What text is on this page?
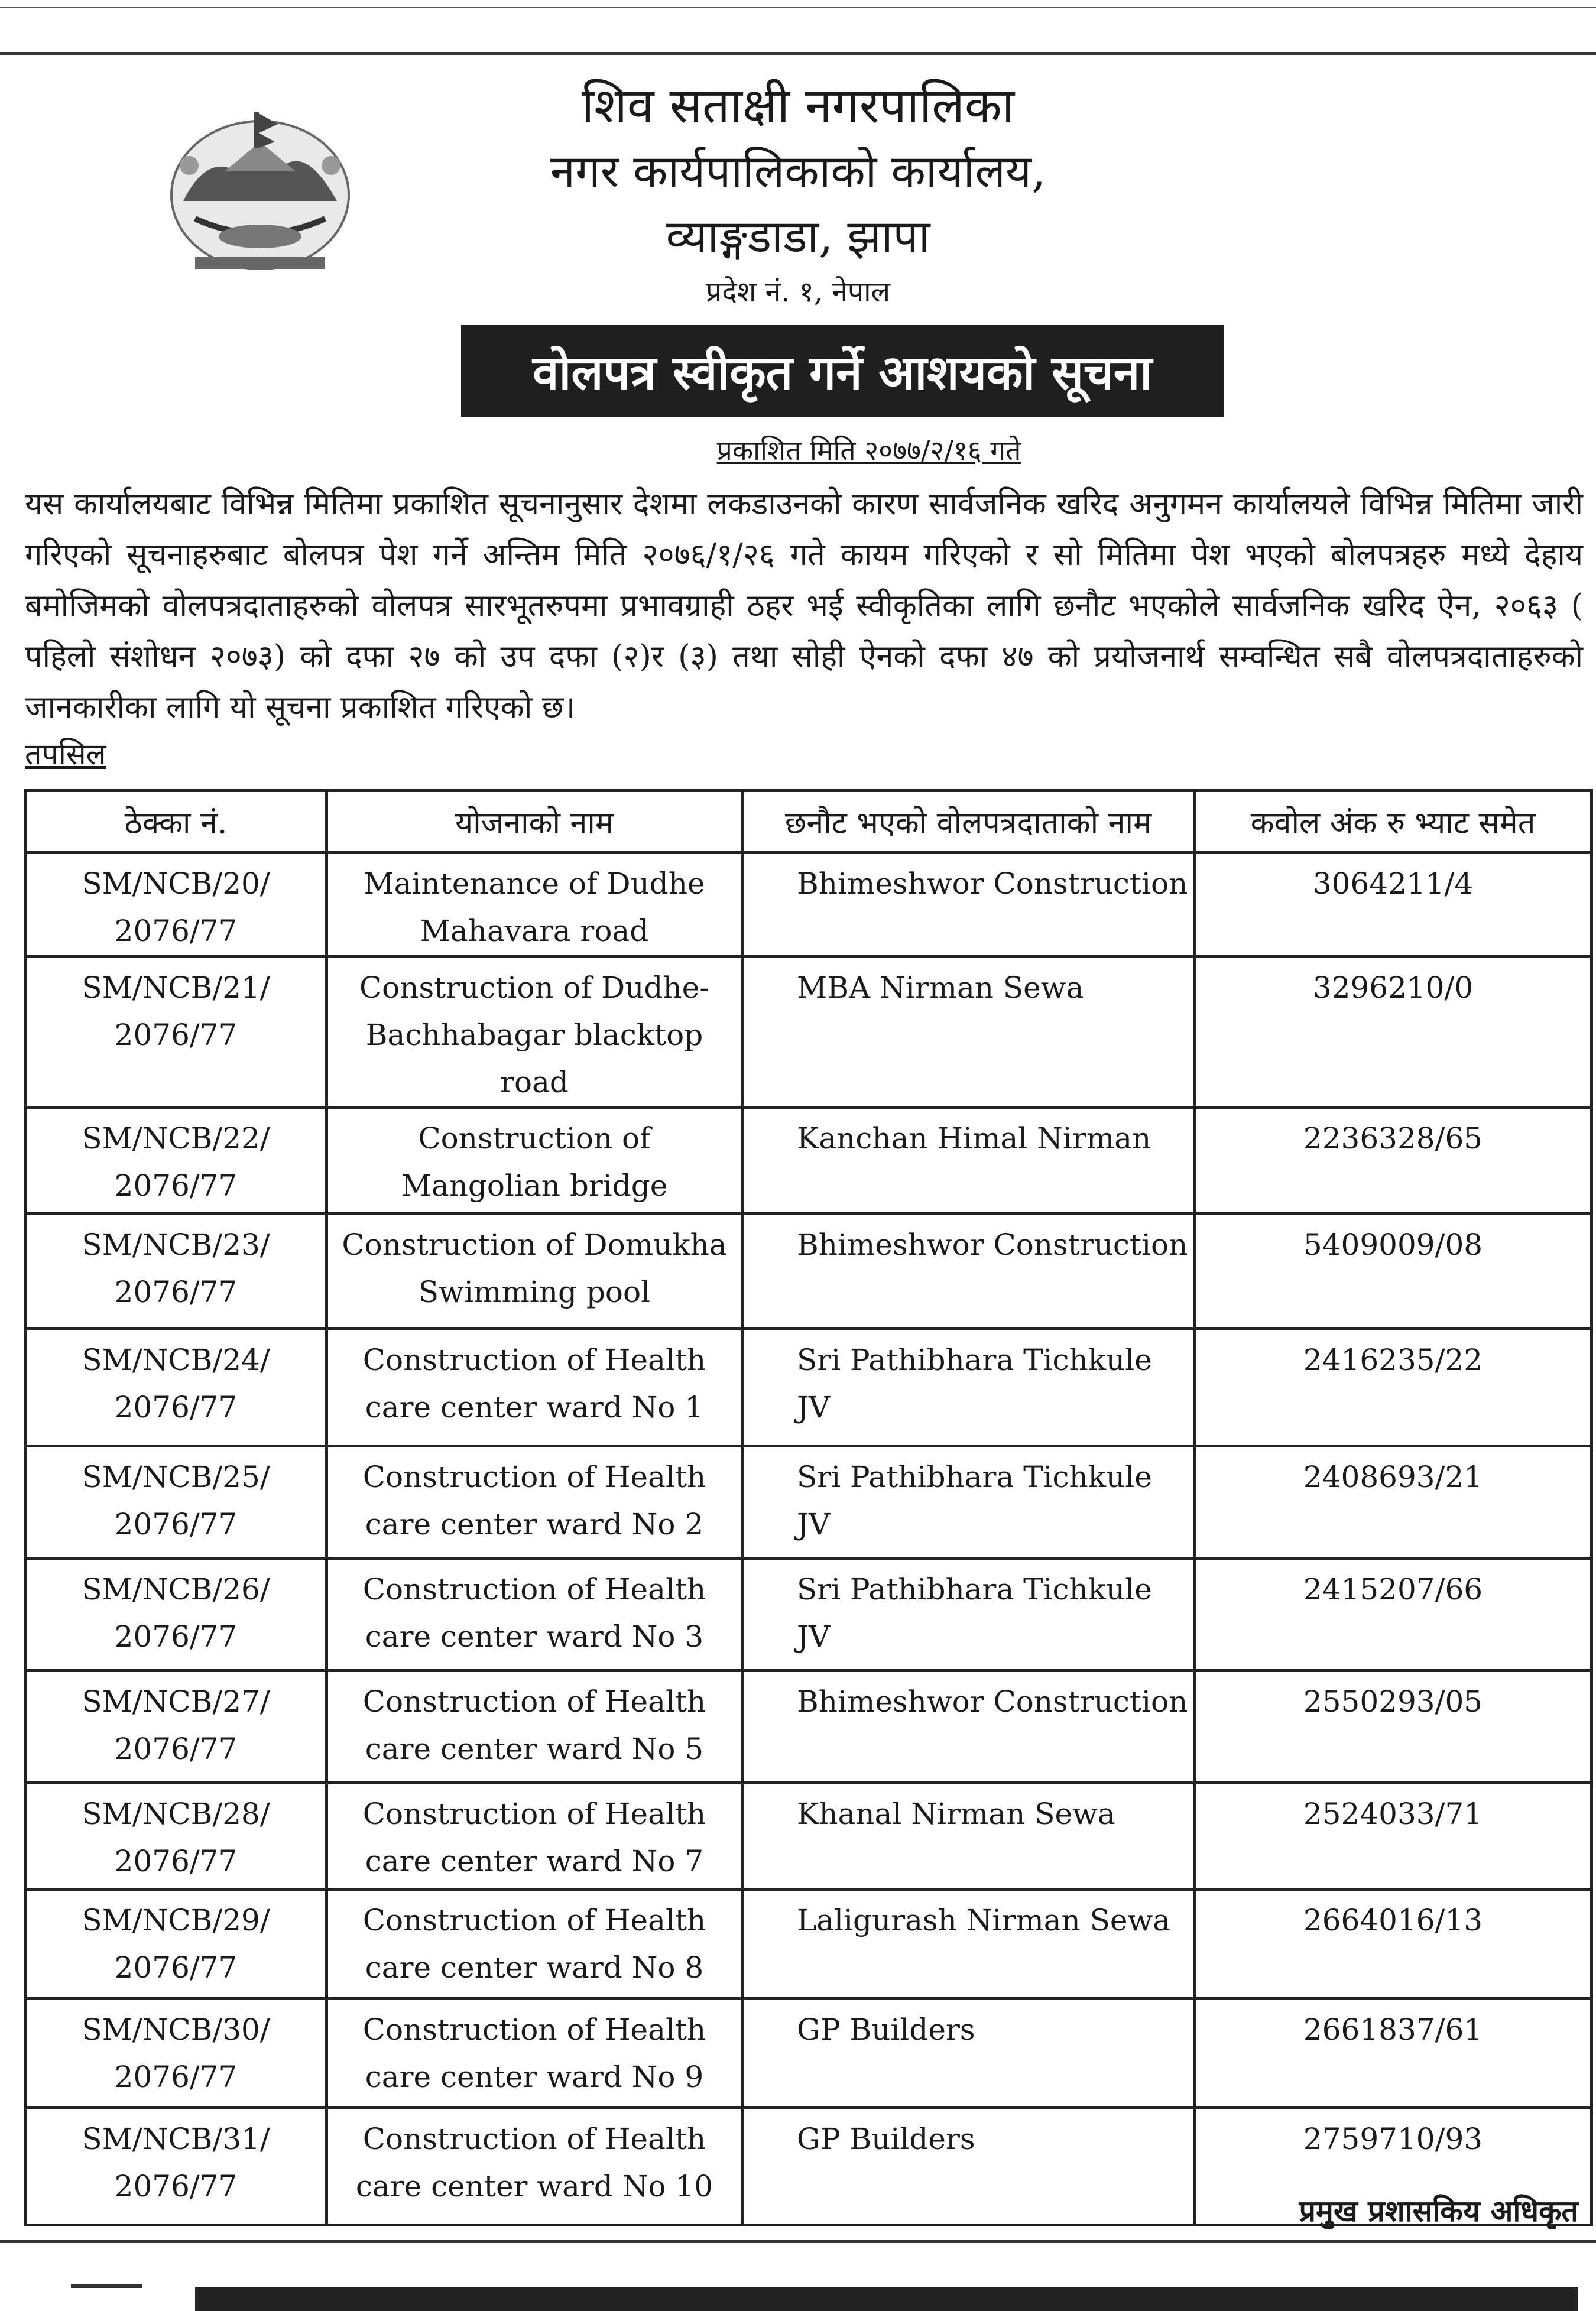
शिव सताक्षी नगरपालिका
नगर कार्यपालिकाको कार्यालय,
व्याङ्गडाडा, झापा
प्रदेश नं. १, नेपाल
वोलपत्र स्वीकृत गर्ने आशयको सूचना
प्रकाशित मिति २०७७/२/१६ गते
यस कार्यालयबाट विभिन्न मितिमा प्रकाशित सूचनानुसार देशमा लकडाउनको कारण सार्वजनिक खरिद अनुगमन कार्यालयले विभिन्न मितिमा जारी गरिएको सूचनाहरुबाट बोलपत्र पेश गर्ने अन्तिम मिति २०७६/१/२६ गते कायम गरिएको र सो मितिमा पेश भएको बोलपत्रहरु मध्ये देहाय बमोजिमको वोलपत्रदाताहरुको वोलपत्र सारभूतरुपमा प्रभावग्राही ठहर भई स्वीकृतिका लागि छनौट भएकोले सार्वजनिक खरिद ऐन, २०६३ ( पहिलो संशोधन २०७३) को दफा २७ को उप दफा (२)र (३) तथा सोही ऐनको दफा ४७ को प्रयोजनार्थ सम्वन्धित सबै वोलपत्रदाताहरुको जानकारीका लागि यो सूचना प्रकाशित गरिएको छ।
तपसिल
ठेक्का नं.	योजनाको नाम	छनौट भएको वोलपत्रदाताको नाम	कवोल अंक रु भ्याट समेत
SM/NCB/20/
2076/77	Maintenance of Dudhe Mahavara road	Bhimeshwor Construction	3064211/4
SM/NCB/21/
2076/77	Construction of Dudhe-Bachhabagar blacktop road	MBA Nirman Sewa	3296210/0
SM/NCB/22/
2076/77	Construction of Mangolian bridge	Kanchan Himal Nirman	2236328/65
SM/NCB/23/
2076/77	Construction of Domukha Swimming pool	Bhimeshwor Construction	5409009/08
SM/NCB/24/
2076/77	Construction of Health care center ward No 1	Sri Pathibhara Tichkule JV	2416235/22
SM/NCB/25/
2076/77	Construction of Health care center ward No 2	Sri Pathibhara Tichkule JV	2408693/21
SM/NCB/26/
2076/77	Construction of Health care center ward No 3	Sri Pathibhara Tichkule JV	2415207/66
SM/NCB/27/
2076/77	Construction of Health care center ward No 5	Bhimeshwor Construction	2550293/05
SM/NCB/28/
2076/77	Construction of Health care center ward No 7	Khanal Nirman Sewa	2524033/71
SM/NCB/29/
2076/77	Construction of Health care center ward No 8	Laligurash Nirman Sewa	2664016/13
SM/NCB/30/
2076/77	Construction of Health care center ward No 9	GP Builders	2661837/61
SM/NCB/31/
2076/77	Construction of Health care center ward No 10	GP Builders	2759710/93
प्रमुख प्रशासकिय अधिकृत
